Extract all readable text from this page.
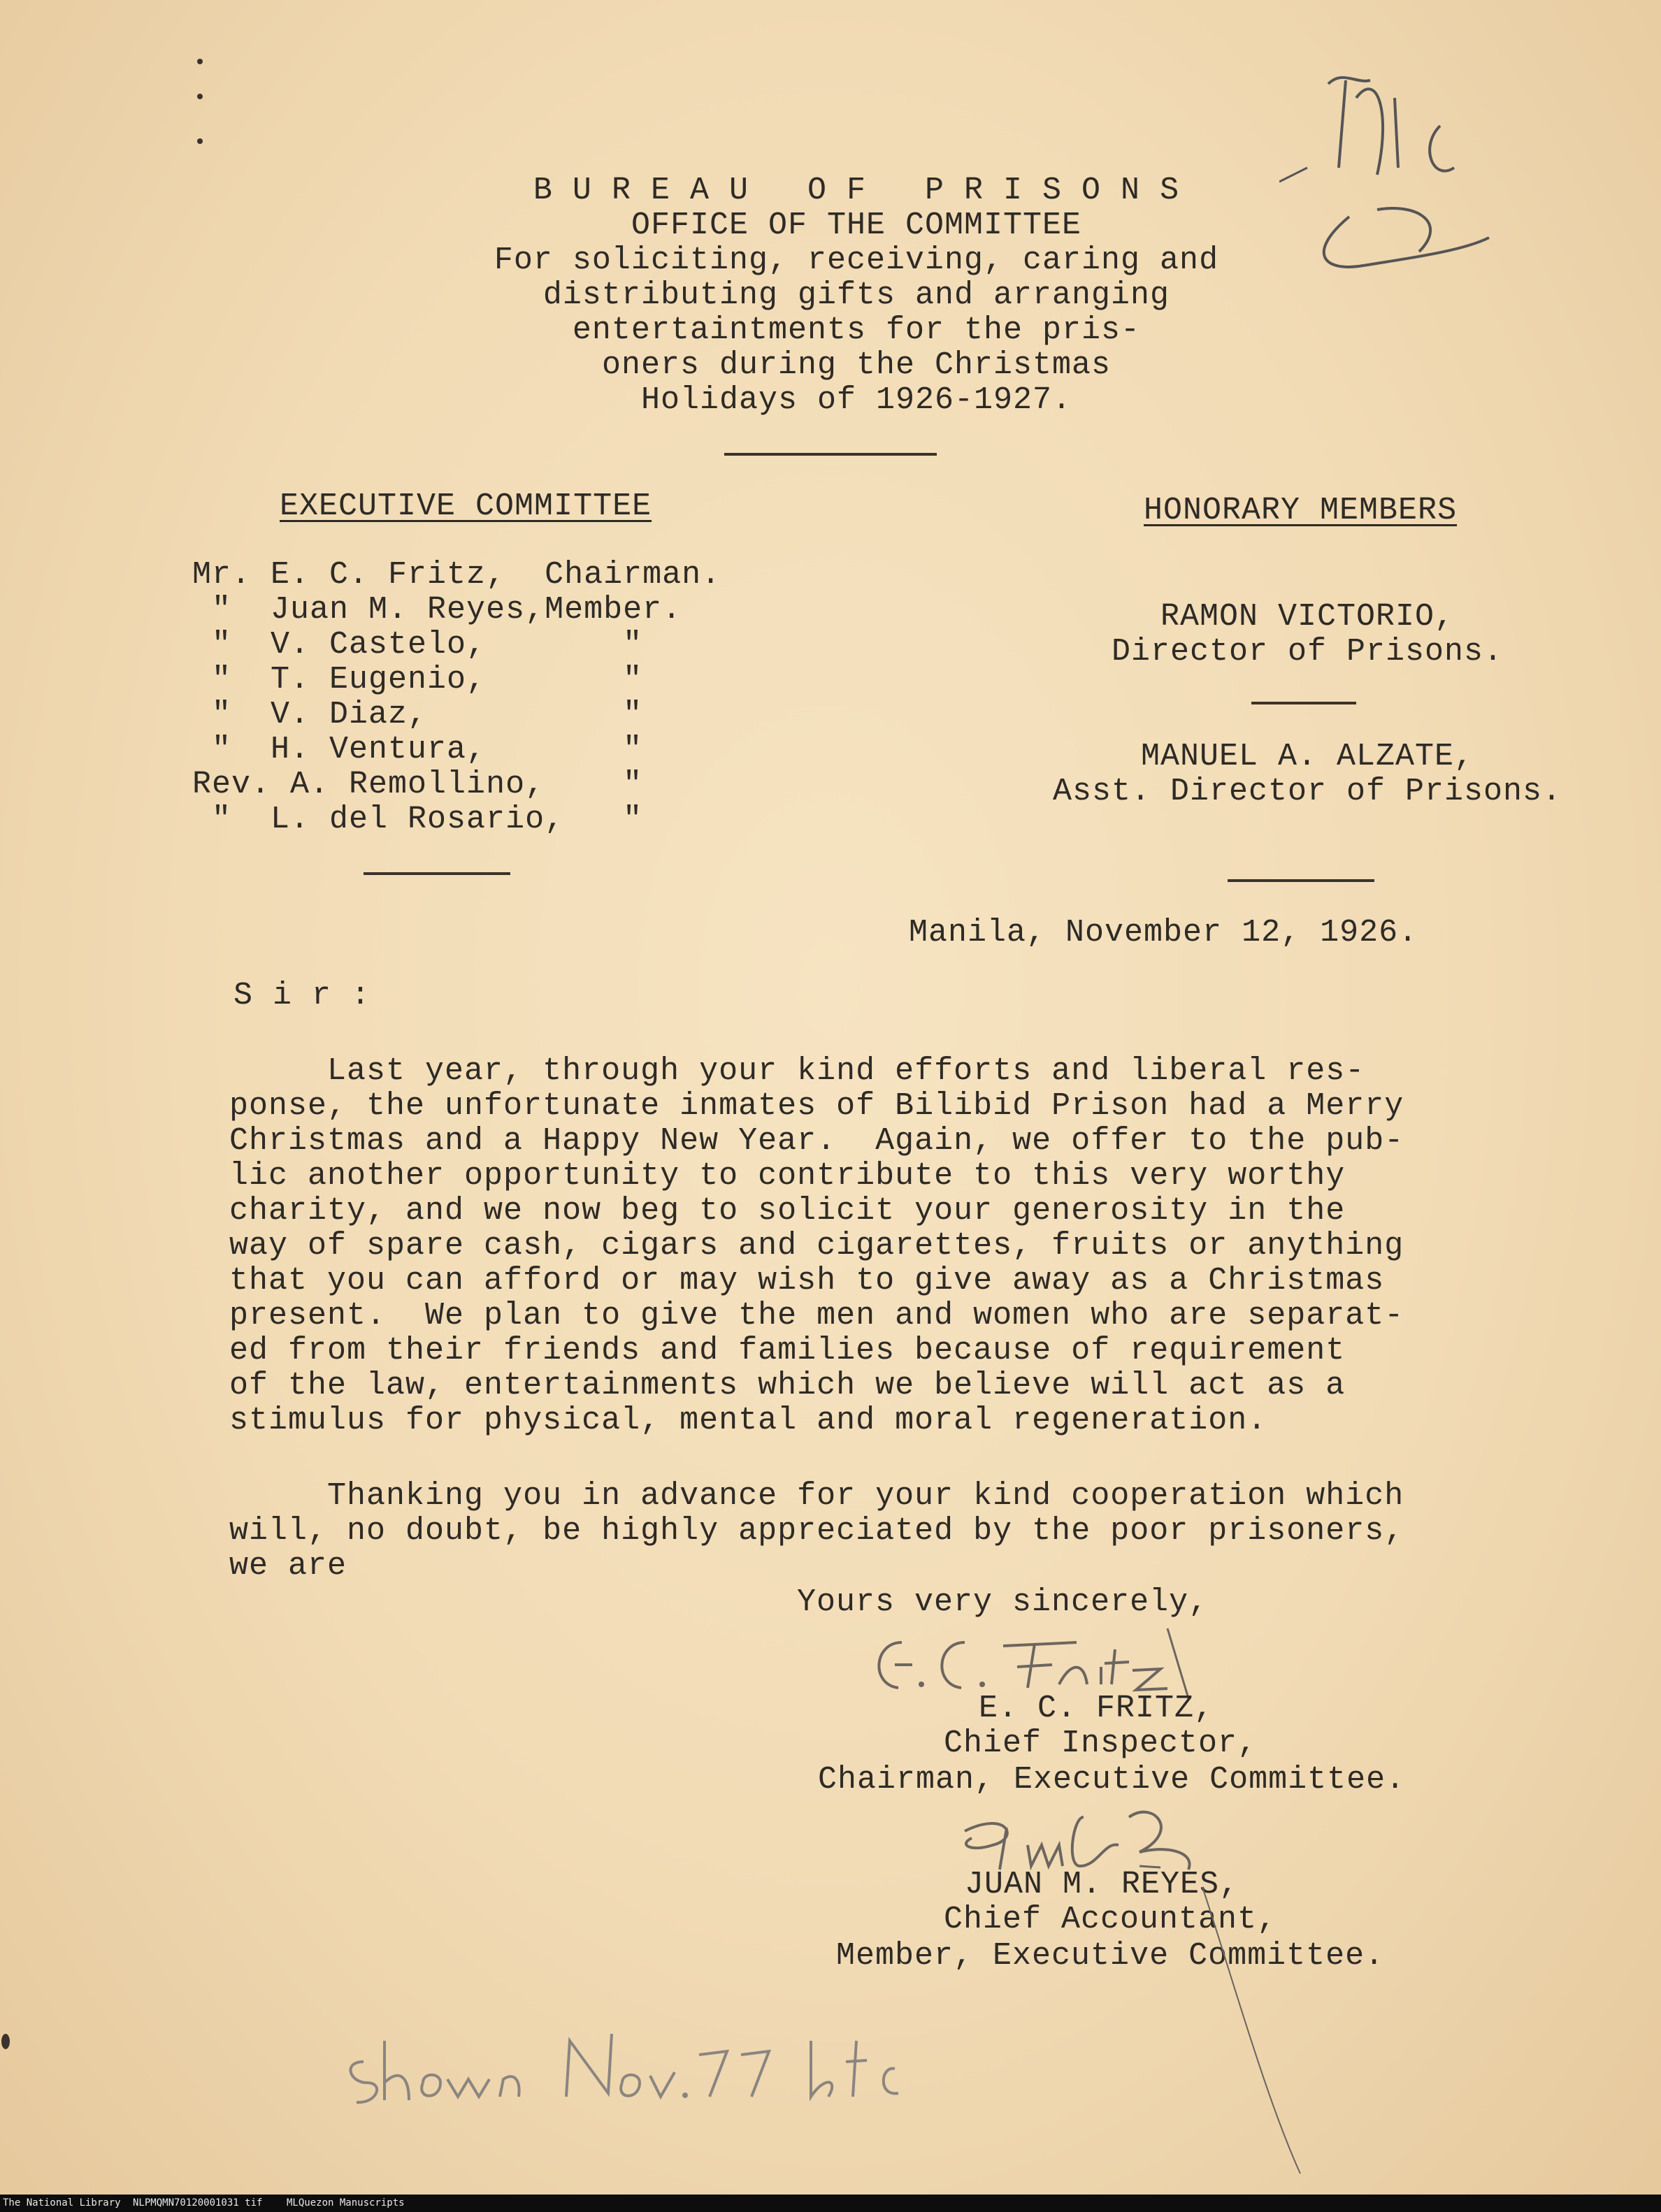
B U R E A U   O F   P R I S O N S
OFFICE OF THE COMMITTEE
For soliciting, receiving, caring and
distributing gifts and arranging
entertaintments for the pris-
oners during the Christmas
Holidays of 1926-1927.
EXECUTIVE COMMITTEE
Mr. E. C. Fritz,  Chairman.
"  Juan M. Reyes,Member.
"  V. Castelo,       "
"  T. Eugenio,       "
"  V. Diaz,          "
"  H. Ventura,       "
Rev. A. Remollino,    "
"  L. del Rosario,   "
HONORARY MEMBERS
RAMON VICTORIO,
Director of Prisons.
MANUEL A. ALZATE,
Asst. Director of Prisons.
Manila, November 12, 1926.
S i r :
Last year, through your kind efforts and liberal res-
ponse, the unfortunate inmates of Bilibid Prison had a Merry
Christmas and a Happy New Year.  Again, we offer to the pub-
lic another opportunity to contribute to this very worthy
charity, and we now beg to solicit your generosity in the
way of spare cash, cigars and cigarettes, fruits or anything
that you can afford or may wish to give away as a Christmas
present.  We plan to give the men and women who are separat-
ed from their friends and families because of requirement
of the law, entertainments which we believe will act as a
stimulus for physical, mental and moral regeneration.
Thanking you in advance for your kind cooperation which
will, no doubt, be highly appreciated by the poor prisoners,
we are
Yours very sincerely,
E. C. FRITZ,
Chief Inspector,
Chairman, Executive Committee.
JUAN M. REYES,
Chief Accountant,
Member, Executive Committee.
The National Library NLPMQMN70120001031 tif MLQuezon Manuscripts
